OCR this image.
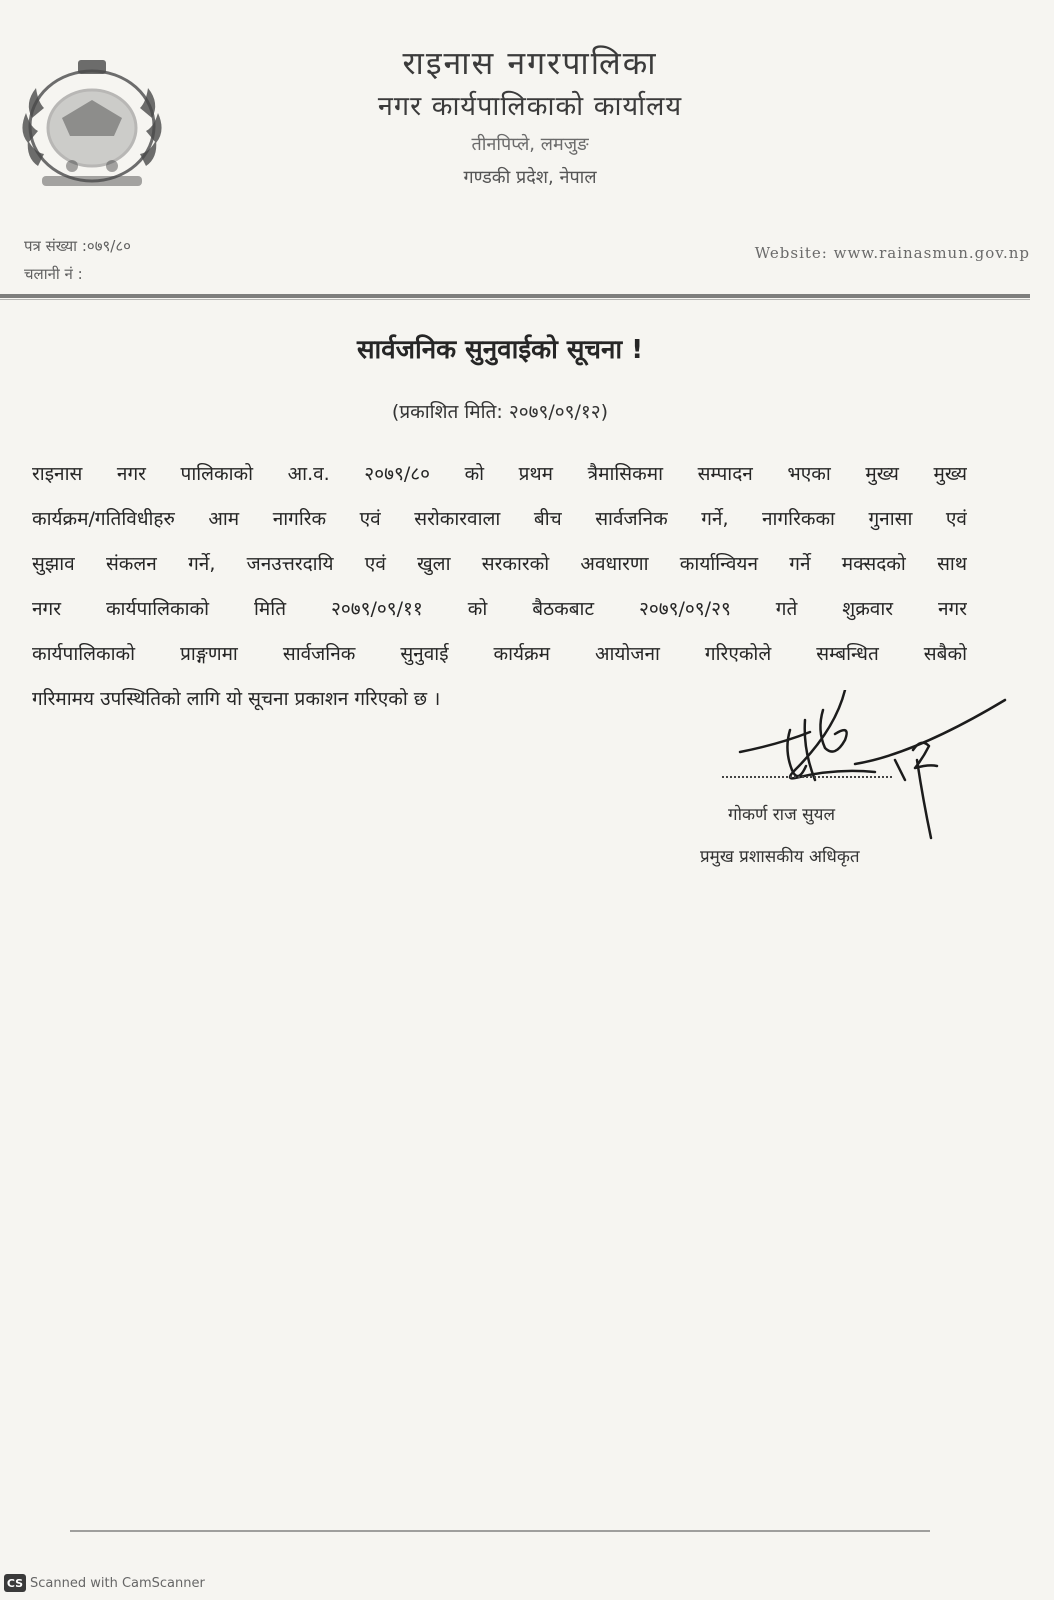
राइनास नगरपालिका
नगर कार्यपालिकाको कार्यालय
तीनपिप्ले, लमजुङ
गण्डकी प्रदेश, नेपाल
पत्र संख्या :०७९/८०
चलानी नं :
Website: www.rainasmun.gov.np
सार्वजनिक सुनुवाईको सूचना !
(प्रकाशित मिति: २०७९/०९/१२)
राइनास नगर पालिकाको आ.व. २०७९/८० को प्रथम त्रैमासिकमा सम्पादन भएका मुख्य मुख्य
कार्यक्रम/गतिविधीहरु आम नागरिक एवं सरोकारवाला बीच सार्वजनिक गर्ने, नागरिकका गुनासा एवं
सुझाव संकलन गर्ने, जनउत्तरदायि एवं खुला सरकारको अवधारणा कार्यान्वियन गर्ने मक्सदको साथ
नगर कार्यपालिकाको मिति २०७९/०९/११ को बैठकबाट २०७९/०९/२९ गते शुक्रवार नगर
कार्यपालिकाको प्राङ्गणमा सार्वजनिक सुनुवाई कार्यक्रम आयोजना गरिएकोले सम्बन्धित सबैको
गरिमामय उपस्थितिको लागि यो सूचना प्रकाशन गरिएको छ ।
गोकर्ण राज सुयल
प्रमुख प्रशासकीय अधिकृत
CS Scanned with CamScanner
